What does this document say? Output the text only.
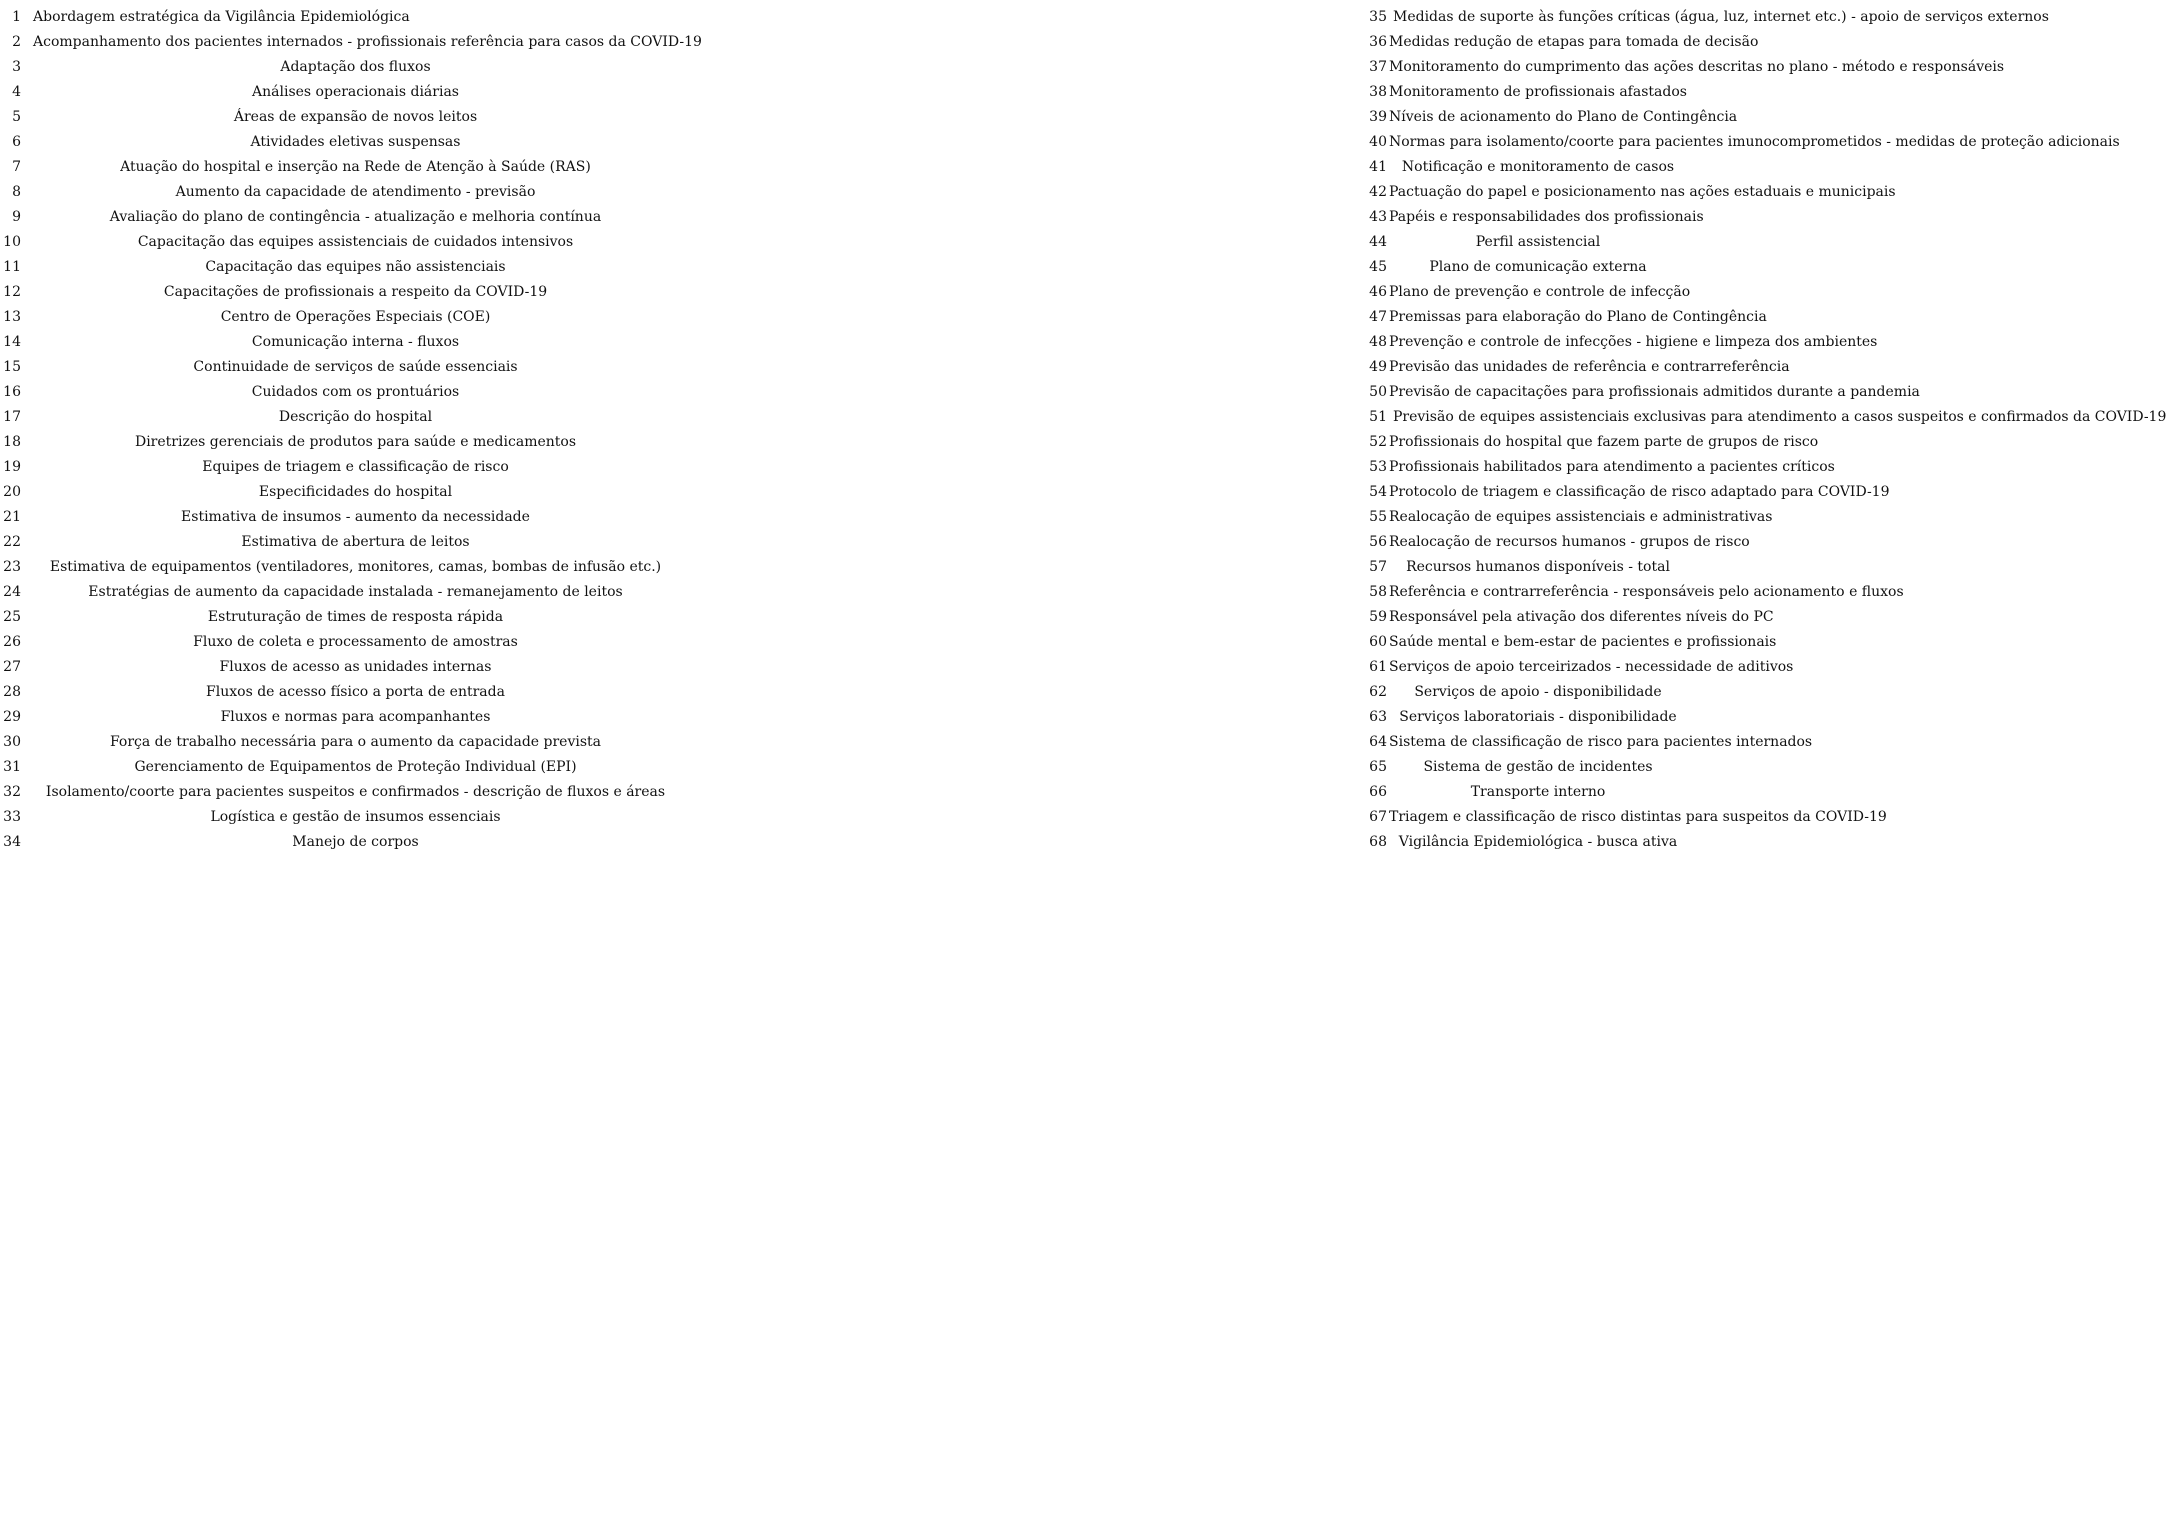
1 Abordagem estratégica da Vigilância Epidemiológica
2 Acompanhamento dos pacientes internados - profissionais referência para casos da COVID-19
3	Adaptação dos fluxos
4	Análises operacionais diárias
5	Áreas de expansão de novos leitos
6	Atividades eletivas suspensas
7	Atuação do hospital e inserção na Rede de Atenção à Saúde (RAS)
8	Aumento da capacidade de atendimento - previsão
9	Avaliação do plano de contingência - atualização e melhoria contínua
10	Capacitação das equipes assistenciais de cuidados intensivos
11	Capacitação das equipes não assistenciais
12	Capacitações de profissionais a respeito da COVID-19
13	Centro de Operações Especiais (COE)
14	Comunicação interna - fluxos
15	Continuidade de serviços de saúde essenciais
16	Cuidados com os prontuários
17	Descrição do hospital
18	Diretrizes gerenciais de produtos para saúde e medicamentos
19	Equipes de triagem e classificação de risco
20	Especificidades do hospital
21	Estimativa de insumos - aumento da necessidade
22	Estimativa de abertura de leitos
23	Estimativa de equipamentos (ventiladores, monitores, camas, bombas de infusão etc.)
24	Estratégias de aumento da capacidade instalada - remanejamento de leitos
25	Estruturação de times de resposta rápida
26	Fluxo de coleta e processamento de amostras
27	Fluxos de acesso as unidades internas
28	Fluxos de acesso físico a porta de entrada
29	Fluxos e normas para acompanhantes
30	Força de trabalho necessária para o aumento da capacidade prevista
31	Gerenciamento de Equipamentos de Proteção Individual (EPI)
32	Isolamento/coorte para pacientes suspeitos e confirmados - descrição de fluxos e áreas
33	Logística e gestão de insumos essenciais
34	Manejo de corpos
35 Medidas de suporte às funções críticas (água, luz, internet etc.) - apoio de serviços externos
36 Medidas redução de etapas para tomada de decisão
37 Monitoramento do cumprimento das ações descritas no plano - método e responsáveis
38 Monitoramento de profissionais afastados
39 Níveis de acionamento do Plano de Contingência
40 Normas para isolamento/coorte para pacientes imunocomprometidos - medidas de proteção adicionais
41	Notificação e monitoramento de casos
42 Pactuação do papel e posicionamento nas ações estaduais e municipais
43 Papéis e responsabilidades dos profissionais
44	Perfil assistencial
45	Plano de comunicação externa
46 Plano de prevenção e controle de infecção
47 Premissas para elaboração do Plano de Contingência
48 Prevenção e controle de infecções - higiene e limpeza dos ambientes
49 Previsão das unidades de referência e contrarreferência
50 Previsão de capacitações para profissionais admitidos durante a pandemia
51 Previsão de equipes assistenciais exclusivas para atendimento a casos suspeitos e confirmados da COVID-19
52 Profissionais do hospital que fazem parte de grupos de risco
53 Profissionais habilitados para atendimento a pacientes críticos
54 Protocolo de triagem e classificação de risco adaptado para COVID-19
55 Realocação de equipes assistenciais e administrativas
56 Realocação de recursos humanos - grupos de risco
57	Recursos humanos disponíveis - total
58 Referência e contrarreferência - responsáveis pelo acionamento e fluxos
59 Responsável pela ativação dos diferentes níveis do PC
60 Saúde mental e bem-estar de pacientes e profissionais
61 Serviços de apoio terceirizados - necessidade de aditivos
62	Serviços de apoio - disponibilidade
63 Serviços laboratoriais - disponibilidade
64 Sistema de classificação de risco para pacientes internados
65	Sistema de gestão de incidentes
66	Transporte interno
67 Triagem e classificação de risco distintas para suspeitos da COVID-19
68 Vigilância Epidemiológica - busca ativa
